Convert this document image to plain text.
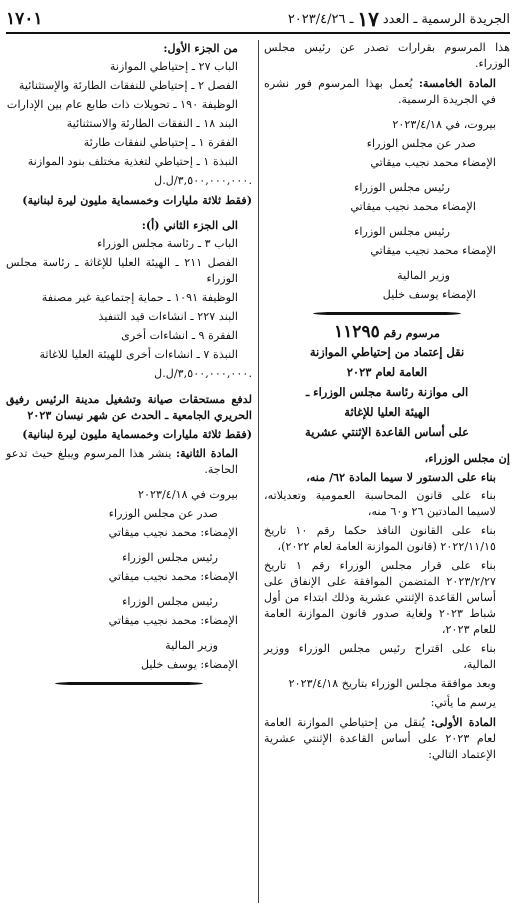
الجريدة الرسمية ـ العدد
١٧
ـ ٢٠٢٣/٤/٢٦
١٧٠١

هذا المرسوم بقرارات تصدر عن رئيس مجلس الوزراء.

المادة الخامسة: يُعمل بهذا المرسوم فور نشره في الجريدة الرسمية.

بيروت، في ٢٠٢٣/٤/١٨

صدر عن مجلس الوزراء

الإمضاء محمد نجيب ميقاتي

رئيس مجلس الوزراء

الإمضاء محمد نجيب ميقاتي

رئيس مجلس الوزراء

الإمضاء محمد نجيب ميقاتي

وزير المالية

الإمضاء يوسف خليل

مرسوم رقم ١١٢٩٥

نقل إعتماد من إحتياطي الموازنة

العامة لعام ٢٠٢٣

الى موازنة رئاسة مجلس الوزراء ـ

الهيئة العليا للإغاثة

على أساس القاعدة الإثنتي عشرية

إن مجلس الوزراء،

بناء على الدستور لا سيما المادة ٦٢/ منه،

بناء على قانون المحاسبة العمومية وتعديلاته، لاسيما المادتين ٢٦ و٦٠ منه،

بناء على القانون النافذ حكما رقم ١٠ تاريخ ٢٠٢٢/١١/١٥ (قانون الموازنة العامة لعام ٢٠٢٢)،

بناء على قرار مجلس الوزراء رقم ١ تاريخ ٢٠٢٣/٢/٢٧ المتضمن الموافقة على الإنفاق على أساس القاعدة الإثنتي عشرية وذلك ابتداء من أول شباط ٢٠٢٣ ولغاية صدور قانون الموازنة العامة للعام ٢٠٢٣،

بناء على اقتراح رئيس مجلس الوزراء ووزير المالية،

وبعد موافقة مجلس الوزراء بتاريخ ٢٠٢٣/٤/١٨

يرسم ما يأتي:

المادة الأولى: يُنقل من إحتياطي الموازنة العامة لعام ٢٠٢٣ على أساس القاعدة الإثنتي عشرية الإعتماد التالي:

من الجزء الأول:

الباب ٢٧ ـ إحتياطي الموازنة

الفصل ٢ ـ إحتياطي للنفقات الطارئة والإستثنائية

الوظيفة ١٩٠ ـ تحويلات ذات طابع عام بين الإدارات

البند ١٨ ـ النفقات الطارئة والاستثنائية

الفقرة ١ ـ إحتياطي لنفقات طارئة

النبذة ١ ـ إحتياطي لتغذية مختلف بنود الموازنة

٣,٥٠٠,٠٠٠,٠٠٠/ل.ل.

(فقط ثلاثة مليارات وخمسماية مليون ليرة لبنانية)

الى الجزء الثاني (أ):

الباب ٣ ـ رئاسة مجلس الوزراء

الفصل ٢١١ ـ الهيئة العليا للإغاثة ـ رئاسة مجلس الوزراء

الوظيفة ١٠٩١ ـ حماية إجتماعية غير مصنفة

البند ٢٢٧ ـ انشاءات قيد التنفيذ

الفقرة ٩ ـ انشاءات أخرى

النبذة ٧ ـ انشاءات أخرى للهيئة العليا للاغاثة

٣,٥٠٠,٠٠٠,٠٠٠/ل.ل.

لدفع مستحقات صيانة وتشغيل مدينة الرئيس رفيق الحريري الجامعية ـ الحدث عن شهر نيسان ٢٠٢٣

(فقط ثلاثة مليارات وخمسماية مليون ليرة لبنانية)

المادة الثانية: ينشر هذا المرسوم ويبلغ حيث تدعو الحاجة.

بيروت في ٢٠٢٣/٤/١٨

صدر عن مجلس الوزراء

الإمضاء: محمد نجيب ميقاتي

رئيس مجلس الوزراء

الإمضاء: محمد نجيب ميقاتي

رئيس مجلس الوزراء

الإمضاء: محمد نجيب ميقاتي

وزير المالية

الإمضاء: يوسف خليل
